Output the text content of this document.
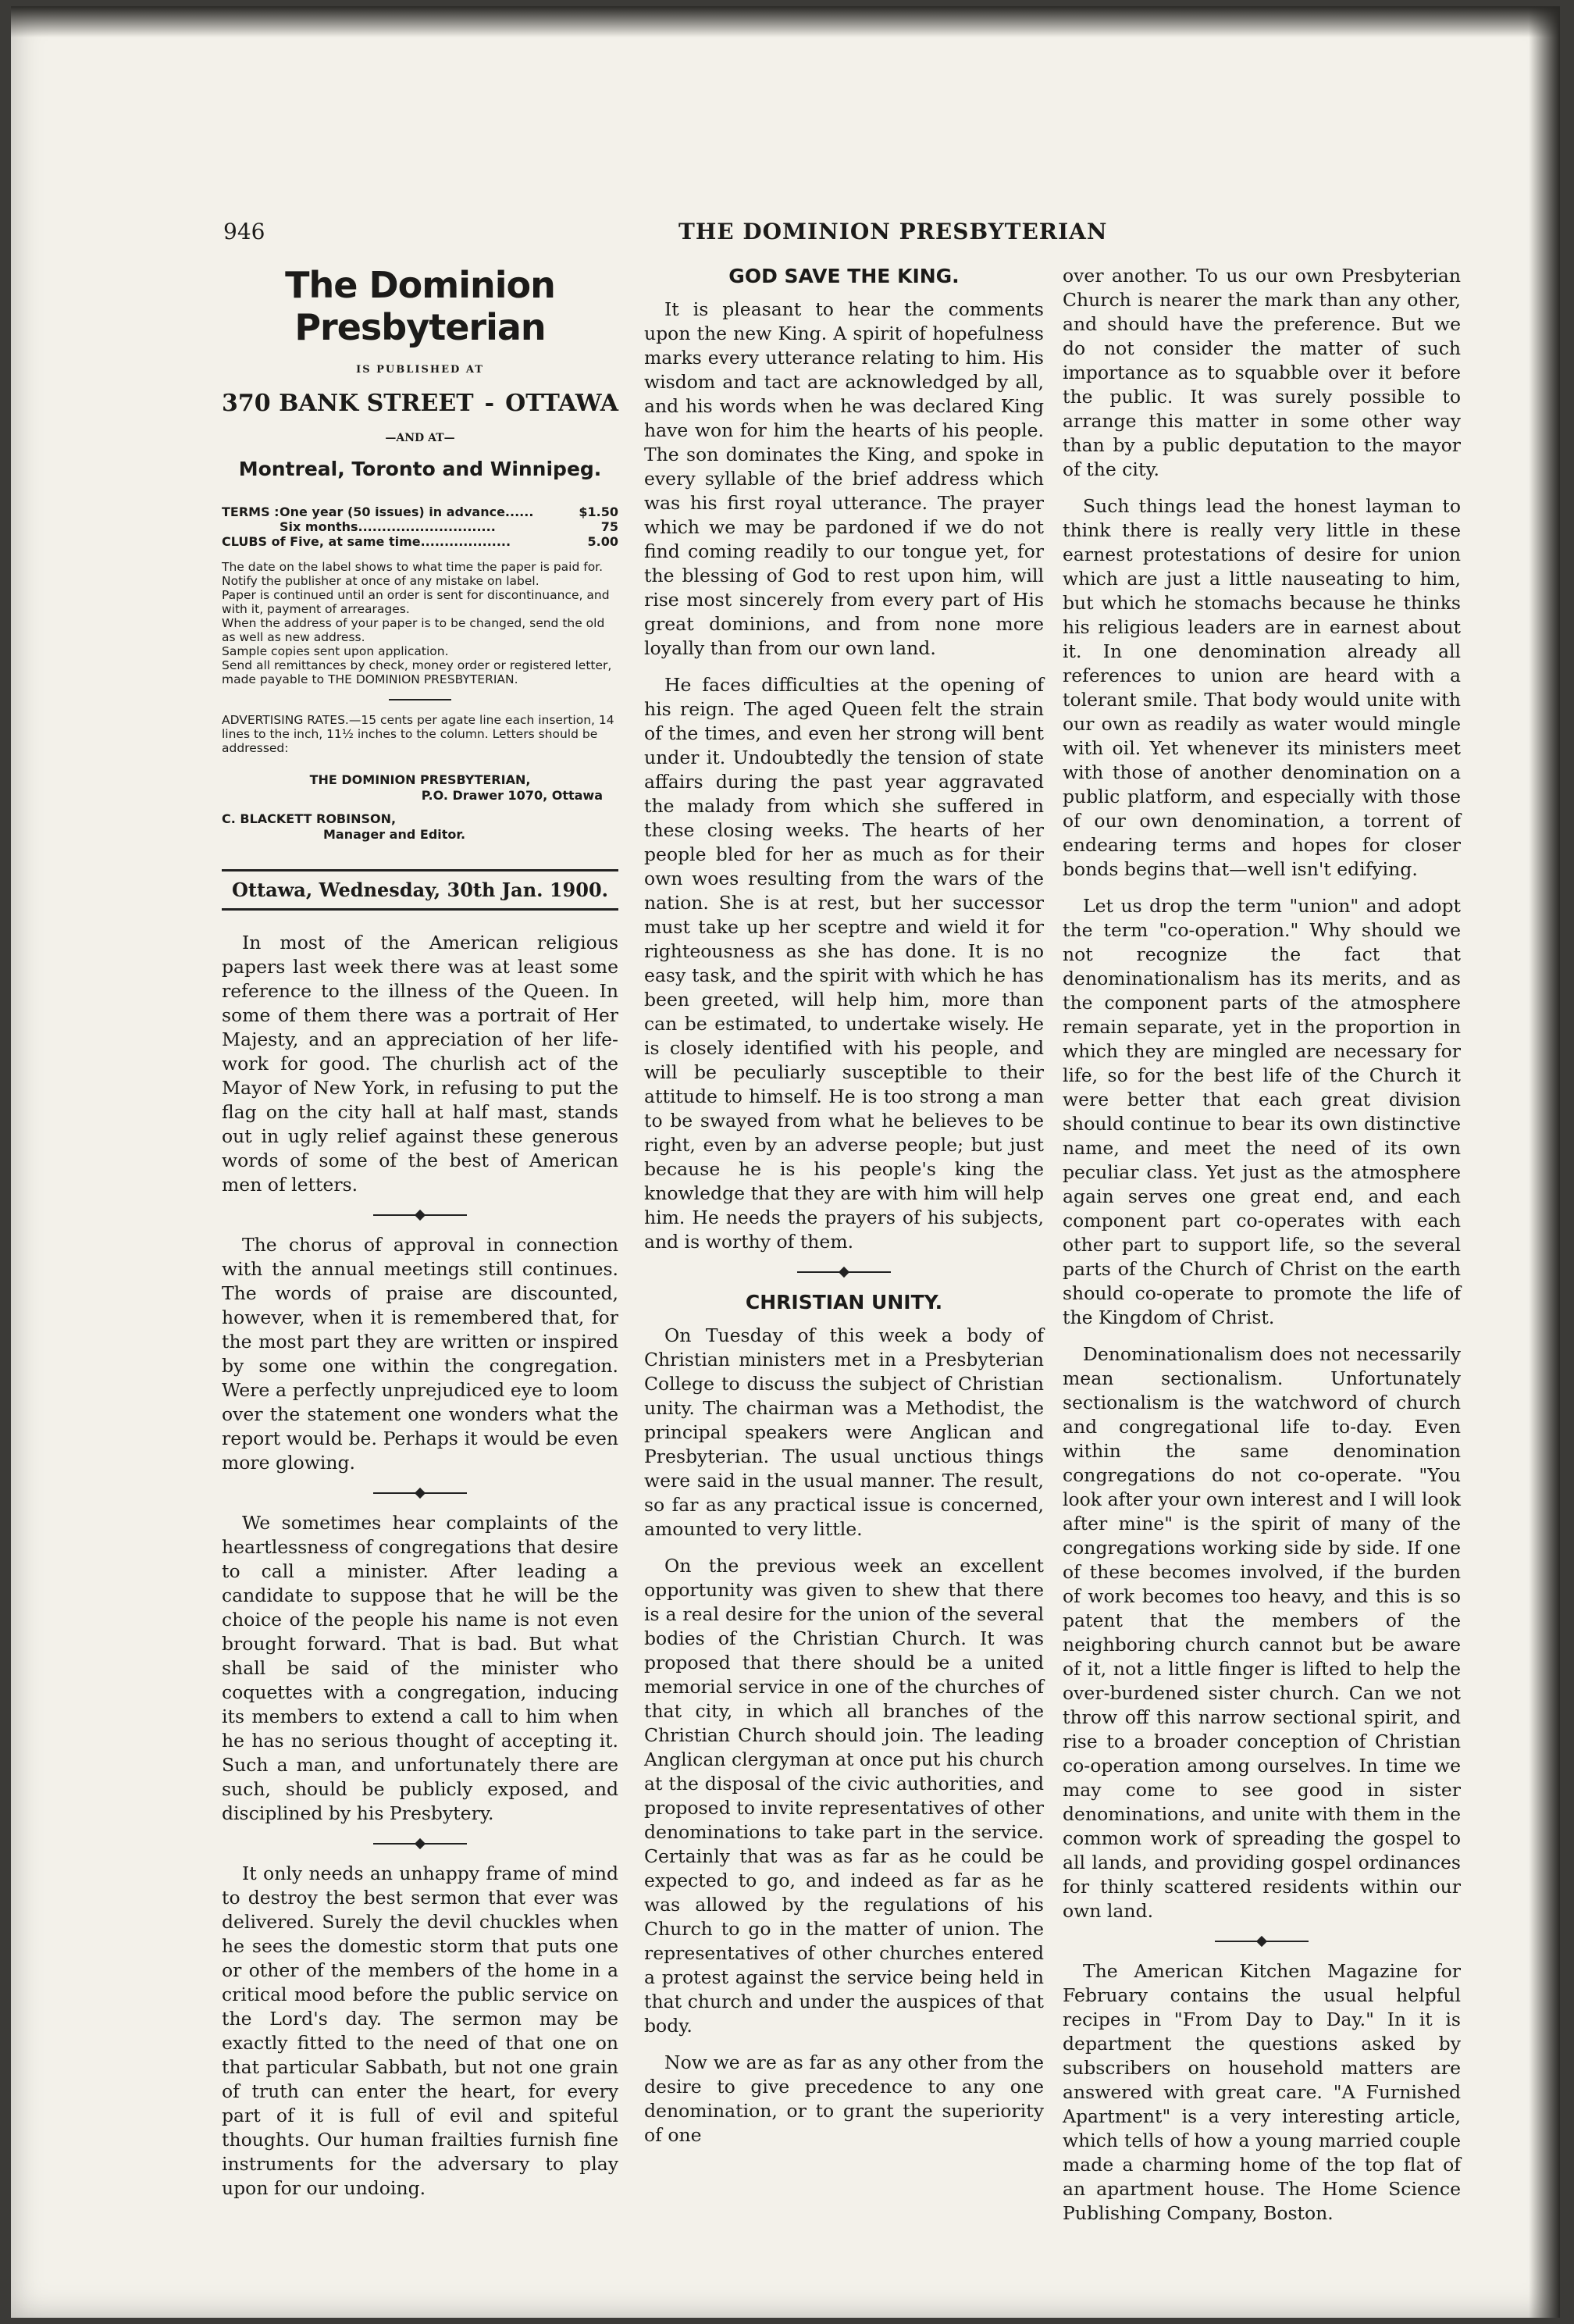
946	THE DOMINION PRESBYTERIAN
The Dominion Presbyterian
IS PUBLISHED AT
370 BANK STREET - OTTAWA
—AND AT—
Montreal, Toronto and Winnipeg.
TERMS : One year (50 issues) in advance......	$1.50
Six months.............................	75
CLUBS of Five, at same time...................	5.00
The date on the label shows to what time the paper is paid for. Notify the publisher at once of any mistake on label.
Paper is continued until an order is sent for discontinuance, and with it, payment of arrearages.
When the address of your paper is to be changed, send the old as well as new address.
Sample copies sent upon application.
Send all remittances by check, money order or registered letter, made payable to THE DOMINION PRESBYTERIAN.
ADVERTISING RATES.—15 cents per agate line each insertion, 14 lines to the inch, 11½ inches to the column. Letters should be addressed:
THE DOMINION PRESBYTERIAN,
P.O. Drawer 1070, Ottawa
C. BLACKETT ROBINSON,
Manager and Editor.
Ottawa, Wednesday, 30th Jan. 1900.

In most of the American religious papers last week there was at least some reference to the illness of the Queen. In some of them there was a portrait of Her Majesty, and an appreciation of her life-work for good. The churlish act of the Mayor of New York, in refusing to put the flag on the city hall at half mast, stands out in ugly relief against these generous words of some of the best of American men of letters.

The chorus of approval in connection with the annual meetings still continues. The words of praise are discounted, however, when it is remembered that, for the most part they are written or inspired by some one within the congregation. Were a perfectly unprejudiced eye to loom over the statement one wonders what the report would be. Perhaps it would be even more glowing.

We sometimes hear complaints of the heartlessness of congregations that desire to call a minister. After leading a candidate to suppose that he will be the choice of the people his name is not even brought forward. That is bad. But what shall be said of the minister who coquettes with a congregation, inducing its members to extend a call to him when he has no serious thought of accepting it. Such a man, and unfortunately there are such, should be publicly exposed, and disciplined by his Presbytery.

It only needs an unhappy frame of mind to destroy the best sermon that ever was delivered. Surely the devil chuckles when he sees the domestic storm that puts one or other of the members of the home in a critical mood before the public service on the Lord's day. The sermon may be exactly fitted to the need of that one on that particular Sabbath, but not one grain of truth can enter the heart, for every part of it is full of evil and spiteful thoughts. Our human frailties furnish fine instruments for the adversary to play upon for our undoing.

GOD SAVE THE KING.

It is pleasant to hear the comments upon the new King. A spirit of hopefulness marks every utterance relating to him. His wisdom and tact are acknowledged by all, and his words when he was declared King have won for him the hearts of his people. The son dominates the King, and spoke in every syllable of the brief address which was his first royal utterance. The prayer which we may be pardoned if we do not find coming readily to our tongue yet, for the blessing of God to rest upon him, will rise most sincerely from every part of His great dominions, and from none more loyally than from our own land.

He faces difficulties at the opening of his reign. The aged Queen felt the strain of the times, and even her strong will bent under it. Undoubtedly the tension of state affairs during the past year aggravated the malady from which she suffered in these closing weeks. The hearts of her people bled for her as much as for their own woes resulting from the wars of the nation. She is at rest, but her successor must take up her sceptre and wield it for righteousness as she has done. It is no easy task, and the spirit with which he has been greeted, will help him, more than can be estimated, to undertake wisely. He is closely identified with his people, and will be peculiarly susceptible to their attitude to himself. He is too strong a man to be swayed from what he believes to be right, even by an adverse people; but just because he is his people's king the knowledge that they are with him will help him. He needs the prayers of his subjects, and is worthy of them.

CHRISTIAN UNITY.

On Tuesday of this week a body of Christian ministers met in a Presbyterian College to discuss the subject of Christian unity. The chairman was a Methodist, the principal speakers were Anglican and Presbyterian. The usual unctious things were said in the usual manner. The result, so far as any practical issue is concerned, amounted to very little.

On the previous week an excellent opportunity was given to shew that there is a real desire for the union of the several bodies of the Christian Church. It was proposed that there should be a united memorial service in one of the churches of that city, in which all branches of the Christian Church should join. The leading Anglican clergyman at once put his church at the disposal of the civic authorities, and proposed to invite representatives of other denominations to take part in the service. Certainly that was as far as he could be expected to go, and indeed as far as he was allowed by the regulations of his Church to go in the matter of union. The representatives of other churches entered a protest against the service being held in that church and under the auspices of that body.

Now we are as far as any other from the desire to give precedence to any one denomination, or to grant the superiority of one

over another. To us our own Presbyterian Church is nearer the mark than any other, and should have the preference. But we do not consider the matter of such importance as to squabble over it before the public. It was surely possible to arrange this matter in some other way than by a public deputation to the mayor of the city.

Such things lead the honest layman to think there is really very little in these earnest protestations of desire for union which are just a little nauseating to him, but which he stomachs because he thinks his religious leaders are in earnest about it. In one denomination already all references to union are heard with a tolerant smile. That body would unite with our own as readily as water would mingle with oil. Yet whenever its ministers meet with those of another denomination on a public platform, and especially with those of our own denomination, a torrent of endearing terms and hopes for closer bonds begins that—well isn't edifying.

Let us drop the term "union" and adopt the term "co-operation." Why should we not recognize the fact that denominationalism has its merits, and as the component parts of the atmosphere remain separate, yet in the proportion in which they are mingled are necessary for life, so for the best life of the Church it were better that each great division should continue to bear its own distinctive name, and meet the need of its own peculiar class. Yet just as the atmosphere again serves one great end, and each component part co-operates with each other part to support life, so the several parts of the Church of Christ on the earth should co-operate to promote the life of the Kingdom of Christ.

Denominationalism does not necessarily mean sectionalism. Unfortunately sectionalism is the watchword of church and congregational life to-day. Even within the same denomination congregations do not co-operate. "You look after your own interest and I will look after mine" is the spirit of many of the congregations working side by side. If one of these becomes involved, if the burden of work becomes too heavy, and this is so patent that the members of the neighboring church cannot but be aware of it, not a little finger is lifted to help the over-burdened sister church. Can we not throw off this narrow sectional spirit, and rise to a broader conception of Christian co-operation among ourselves. In time we may come to see good in sister denominations, and unite with them in the common work of spreading the gospel to all lands, and providing gospel ordinances for thinly scattered residents within our own land.

The American Kitchen Magazine for February contains the usual helpful recipes in "From Day to Day." In it is department the questions asked by subscribers on household matters are answered with great care. "A Furnished Apartment" is a very interesting article, which tells of how a young married couple made a charming home of the top flat of an apartment house. The Home Science Publishing Company, Boston.
